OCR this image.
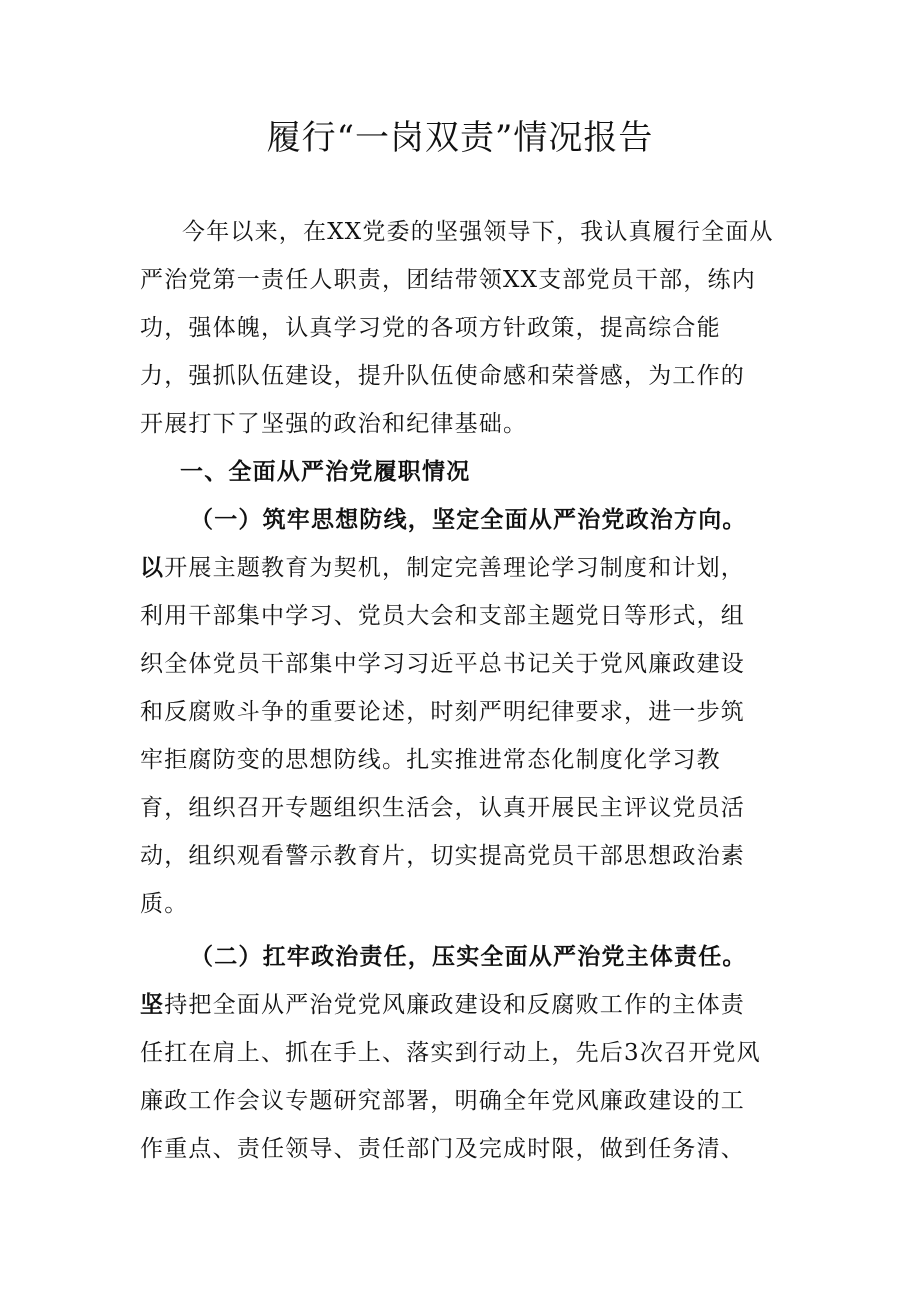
履行“一岗双责”情况报告

今年以来，在XX党委的坚强领导下，我认真履行全面从

严治党第一责任人职责，团结带领XX支部党员干部，练内

功，强体魄，认真学习党的各项方针政策，提高综合能

力，强抓队伍建设，提升队伍使命感和荣誉感，为工作的

开展打下了坚强的政治和纪律基础。

一、全面从严治党履职情况

（一）筑牢思想防线，坚定全面从严治党政治方向。

以开展主题教育为契机，制定完善理论学习制度和计划，

利用干部集中学习、党员大会和支部主题党日等形式，组

织全体党员干部集中学习习近平总书记关于党风廉政建设

和反腐败斗争的重要论述，时刻严明纪律要求，进一步筑

牢拒腐防变的思想防线。扎实推进常态化制度化学习教

育，组织召开专题组织生活会，认真开展民主评议党员活

动，组织观看警示教育片，切实提高党员干部思想政治素

质。

（二）扛牢政治责任，压实全面从严治党主体责任。

坚持把全面从严治党党风廉政建设和反腐败工作的主体责

任扛在肩上、抓在手上、落实到行动上，先后3次召开党风

廉政工作会议专题研究部署，明确全年党风廉政建设的工

作重点、责任领导、责任部门及完成时限，做到任务清、
